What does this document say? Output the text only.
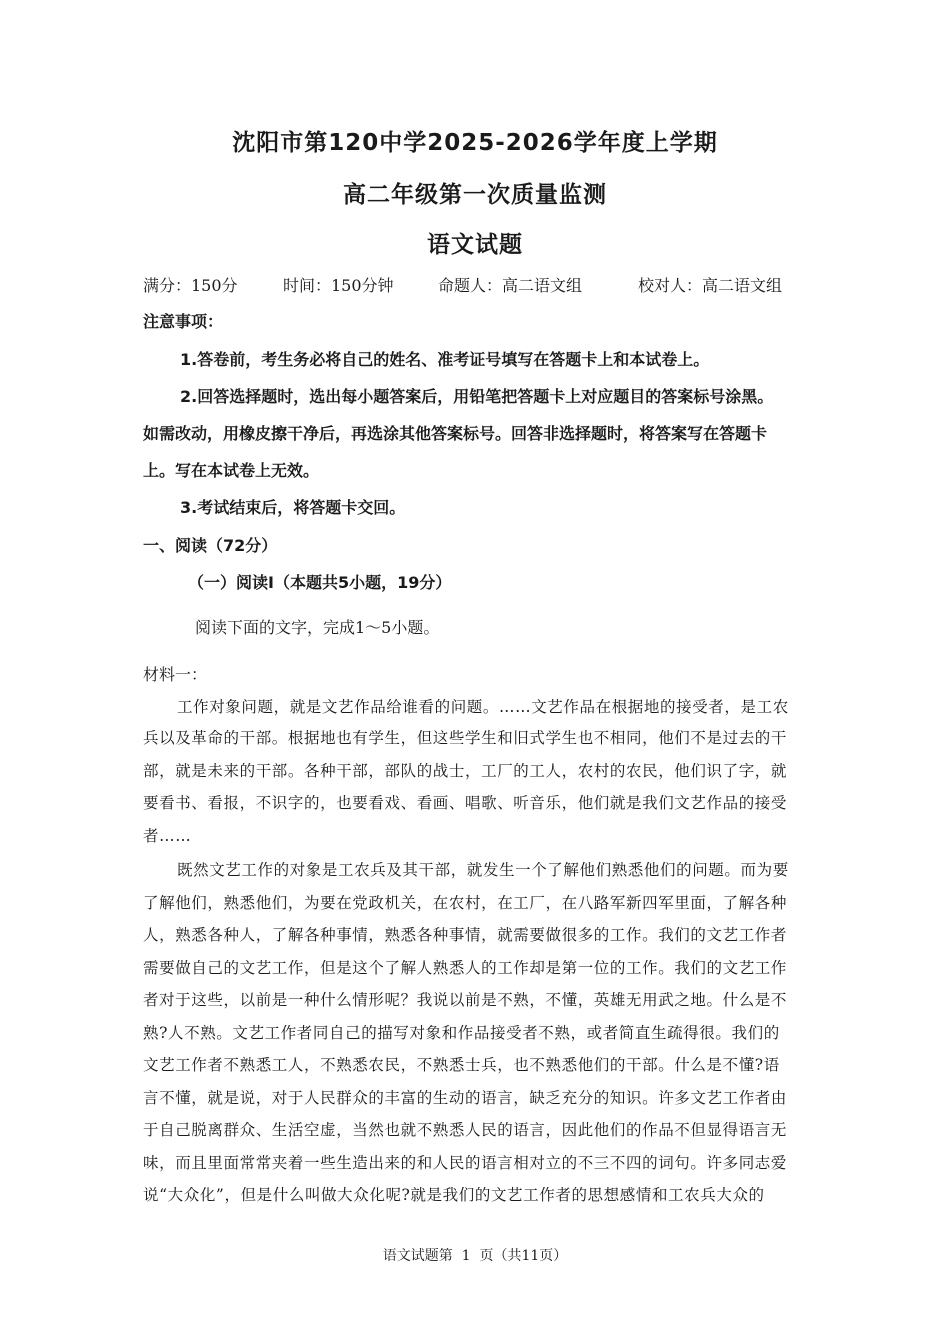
沈阳市第120中学2025-2026学年度上学期
高二年级第一次质量监测
语文试题
满分：150分	时间：150分钟	命题人：高二语文组	校对人：高二语文组
注意事项：
1.答卷前，考生务必将自己的姓名、准考证号填写在答题卡上和本试卷上。
2.回答选择题时，选出每小题答案后，用铅笔把答题卡上对应题目的答案标号涂黑。
如需改动，用橡皮擦干净后，再选涂其他答案标号。回答非选择题时，将答案写在答题卡
上。写在本试卷上无效。
3.考试结束后，将答题卡交回。
一、阅读（72分）
（一）阅读Ⅰ（本题共5小题，19分）
阅读下面的文字，完成1～5小题。
材料一：
工作对象问题，就是文艺作品给谁看的问题。……文艺作品在根据地的接受者，是工农
兵以及革命的干部。根据地也有学生，但这些学生和旧式学生也不相同，他们不是过去的干
部，就是未来的干部。各种干部，部队的战士，工厂的工人，农村的农民，他们识了字，就
要看书、看报，不识字的，也要看戏、看画、唱歌、听音乐，他们就是我们文艺作品的接受
者……
既然文艺工作的对象是工农兵及其干部，就发生一个了解他们熟悉他们的问题。而为要
了解他们，熟悉他们，为要在党政机关，在农村，在工厂，在八路军新四军里面，了解各种
人，熟悉各种人，了解各种事情，熟悉各种事情，就需要做很多的工作。我们的文艺工作者
需要做自己的文艺工作，但是这个了解人熟悉人的工作却是第一位的工作。我们的文艺工作
者对于这些，以前是一种什么情形呢？我说以前是不熟，不懂，英雄无用武之地。什么是不
熟?人不熟。文艺工作者同自己的描写对象和作品接受者不熟，或者简直生疏得很。我们的
文艺工作者不熟悉工人，不熟悉农民，不熟悉士兵，也不熟悉他们的干部。什么是不懂?语
言不懂，就是说，对于人民群众的丰富的生动的语言，缺乏充分的知识。许多文艺工作者由
于自己脱离群众、生活空虚，当然也就不熟悉人民的语言，因此他们的作品不但显得语言无
味，而且里面常常夹着一些生造出来的和人民的语言相对立的不三不四的词句。许多同志爱
说“大众化”，但是什么叫做大众化呢?就是我们的文艺工作者的思想感情和工农兵大众的
语文试题第  1  页（共11页）
